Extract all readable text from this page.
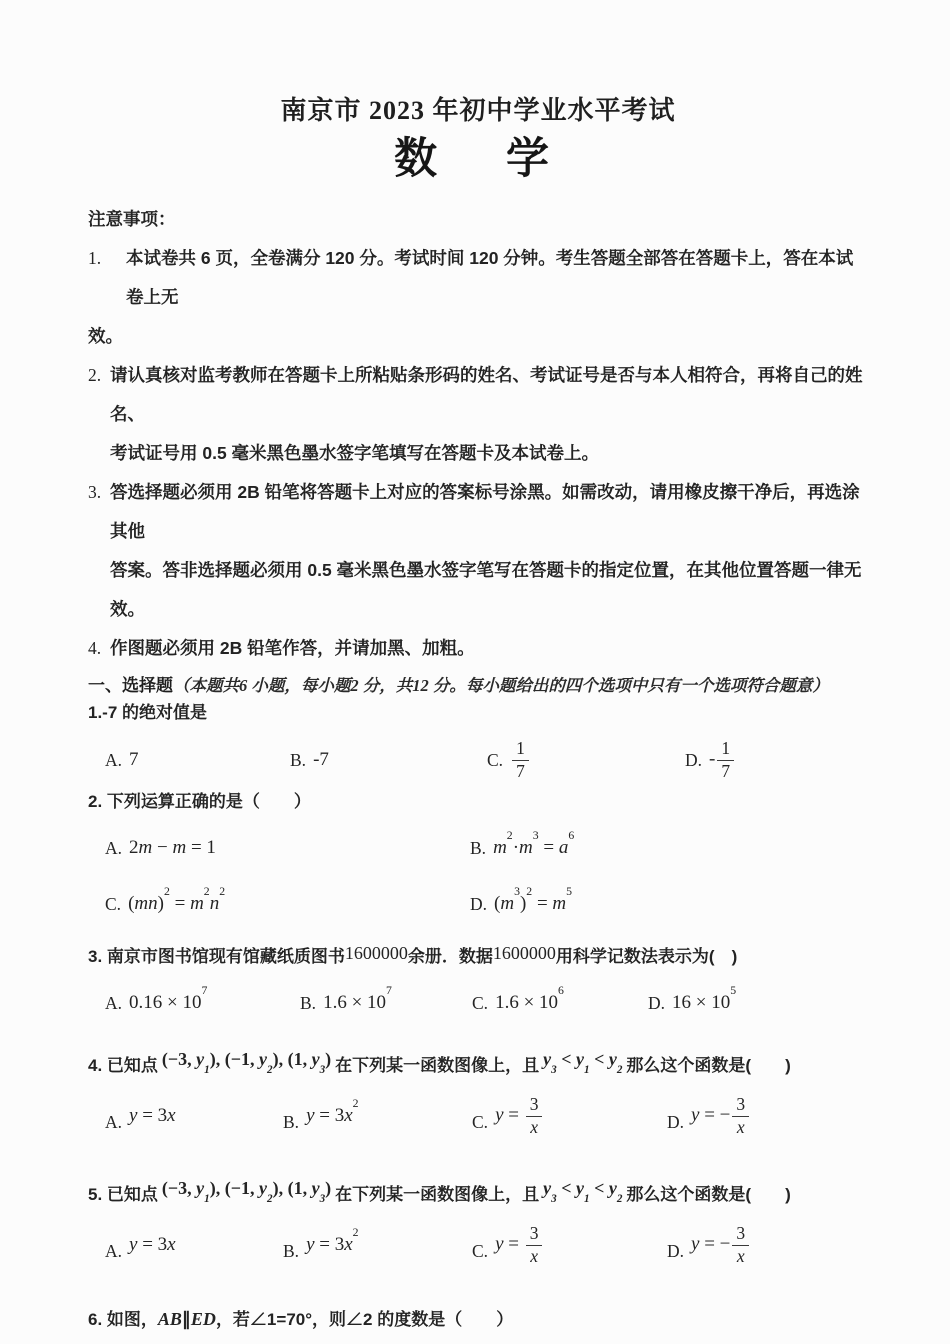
南京市 2023 年初中学业水平考试
数　学
注意事项：
1.	本试卷共 6 页，全卷满分 120 分。考试时间 120 分钟。考生答题全部答在答题卡上，答在本试卷上无
效。
2. 请认真核对监考教师在答题卡上所粘贴条形码的姓名、考试证号是否与本人相符合，再将自己的姓名、
考试证号用 0.5 毫米黑色墨水签字笔填写在答题卡及本试卷上。
3. 答选择题必须用 2B 铅笔将答题卡上对应的答案标号涂黑。如需改动，请用橡皮擦干净后，再选涂其他
答案。答非选择题必须用 0.5 毫米黑色墨水签字笔写在答题卡的指定位置，在其他位置答题一律无效。
4. 作图题必须用 2B 铅笔作答，并请加黑、加粗。
一、选择题（本题共6 小题，每小题2 分，共12 分。每小题给出的四个选项中只有一个选项符合题意）
1.-7 的绝对值是
A. 7	B. -7	C. $\frac{1}{7}$	D. - $\frac{1}{7}$
2. 下列运算正确的是（　　）
A. 2m − m = 1	B. $m^2\cdot m^3 = a^6$
C. $(mn)^2 = m^2n^2$
D. $(m^3)^2 = m^5$
3. 南京市图书馆现有馆藏纸质图书1600000余册．数据1600000用科学记数法表示为(　)
A. $0.16 \times 10^7$
B. $1.6 \times 10^7$
C. $1.6 \times 10^6$
D. $16 \times 10^5$
4. 已知点 (−3, $y_1$), (−1, $y_2$), (1, $y_3$) 在下列某一函数图像上，且 $y_3 < y_1 < y_2$ 那么这个函数是(　　)
A. y = 3x	B. $y = 3x^2$
C. $y = \frac{3}{x}$	D. y = − $\frac{3}{x}$
5. 已知点 (−3, $y_1$), (−1, $y_2$), (1, $y_3$) 在下列某一函数图像上，且 $y_3 < y_1 < y_2$ 那么这个函数是(　　)
A. y = 3x	B. $y = 3x^2$
C. $y = \frac{3}{x}$	D. y = − $\frac{3}{x}$
6. 如图，AB∥ED，若∠1=70°，则∠2 的度数是（　　）
